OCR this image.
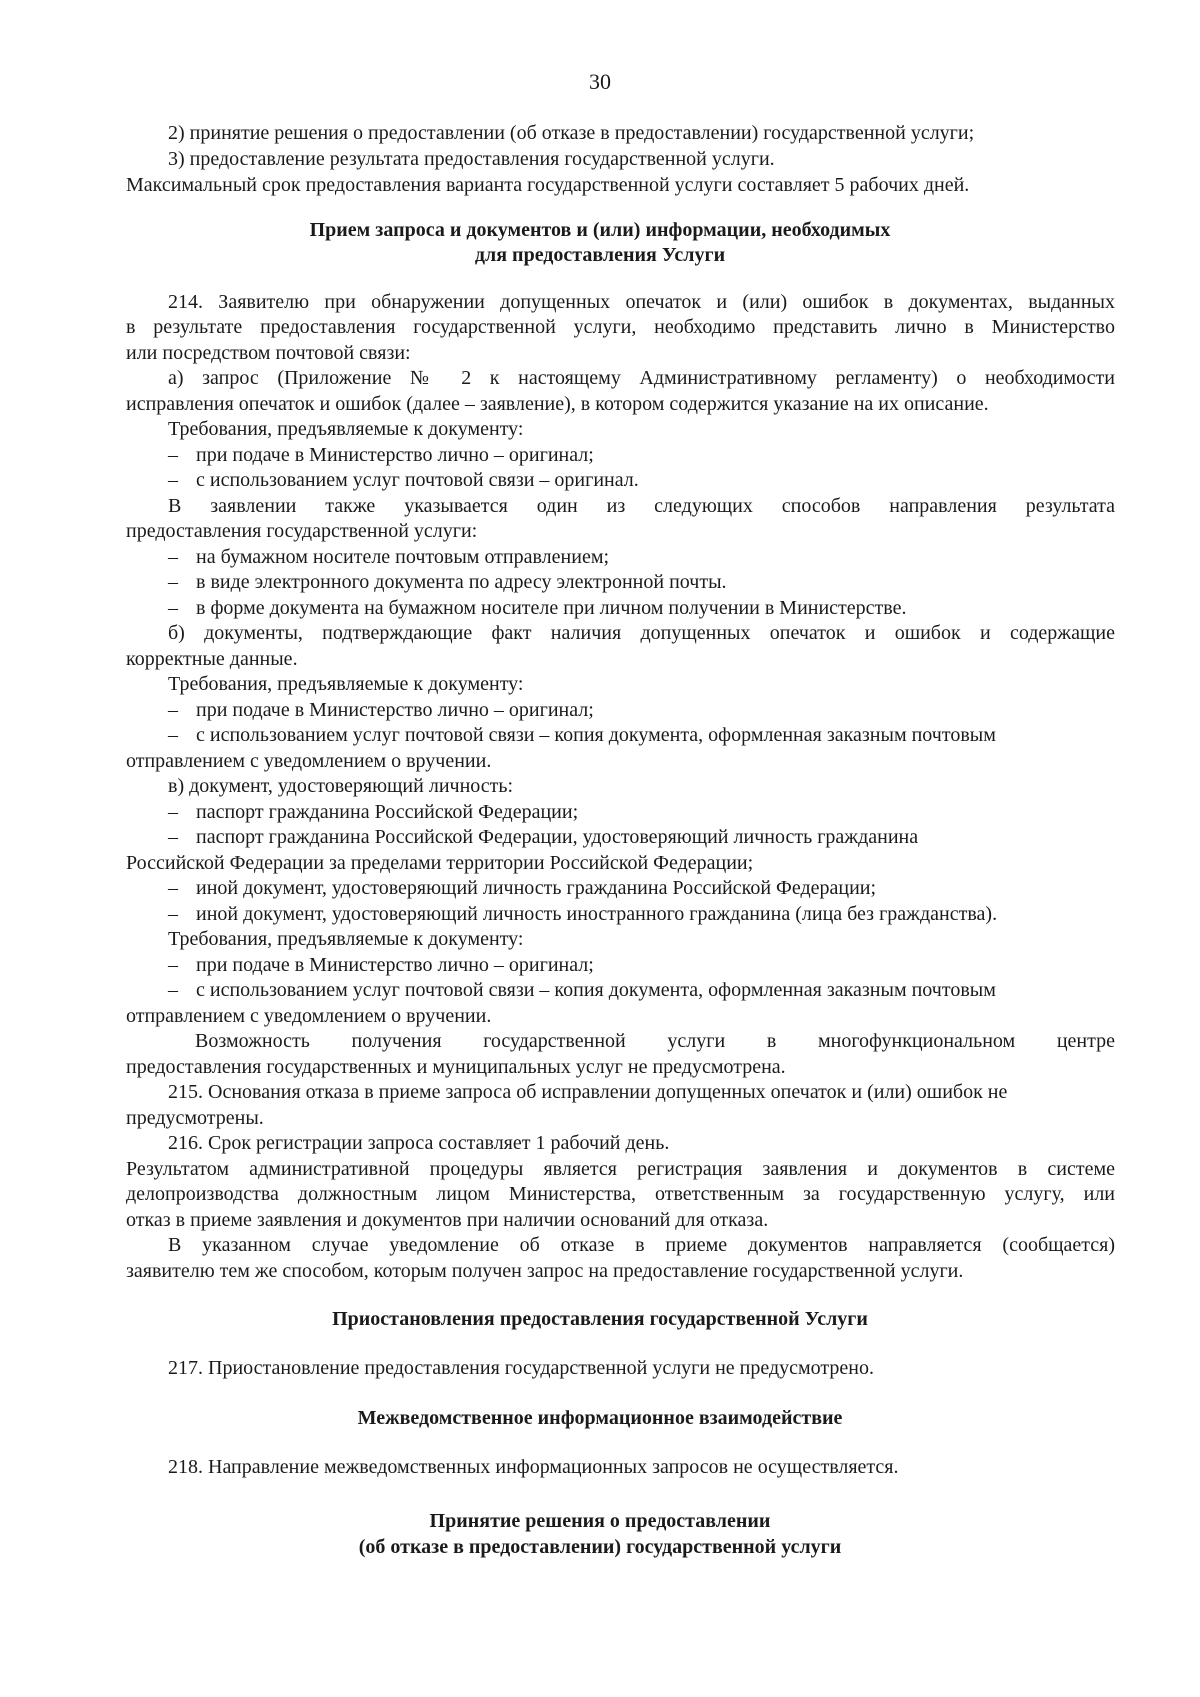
30
2) принятие решения о предоставлении (об отказе в предоставлении) государственной услуги;
3) предоставление результата предоставления государственной услуги.
Максимальный срок предоставления варианта государственной услуги составляет 5 рабочих дней.
Прием запроса и документов и (или) информации, необходимых
для предоставления Услуги
214. Заявителю при обнаружении допущенных опечаток и (или) ошибок в документах, выданных
в результате предоставления государственной услуги, необходимо представить лично в Министерство
или посредством почтовой связи:
а) запрос (Приложение № 2 к настоящему Административному регламенту) о необходимости
исправления опечаток и ошибок (далее – заявление), в котором содержится указание на их описание.
Требования, предъявляемые к документу:
– при подаче в Министерство лично – оригинал;
– с использованием услуг почтовой связи – оригинал.
В заявлении также указывается один из следующих способов направления результата
предоставления государственной услуги:
– на бумажном носителе почтовым отправлением;
– в виде электронного документа по адресу электронной почты.
– в форме документа на бумажном носителе при личном получении в Министерстве.
б) документы, подтверждающие факт наличия допущенных опечаток и ошибок и содержащие
корректные данные.
Требования, предъявляемые к документу:
– при подаче в Министерство лично – оригинал;
– с использованием услуг почтовой связи – копия документа, оформленная заказным почтовым
отправлением с уведомлением о вручении.
в) документ, удостоверяющий личность:
– паспорт гражданина Российской Федерации;
– паспорт гражданина Российской Федерации, удостоверяющий личность гражданина
Российской Федерации за пределами территории Российской Федерации;
– иной документ, удостоверяющий личность гражданина Российской Федерации;
– иной документ, удостоверяющий личность иностранного гражданина (лица без гражданства).
Требования, предъявляемые к документу:
– при подаче в Министерство лично – оригинал;
– с использованием услуг почтовой связи – копия документа, оформленная заказным почтовым
отправлением с уведомлением о вручении.
Возможность получения государственной услуги в многофункциональном центре
предоставления государственных и муниципальных услуг не предусмотрена.
215. Основания отказа в приеме запроса об исправлении допущенных опечаток и (или) ошибок не
предусмотрены.
216. Срок регистрации запроса составляет 1 рабочий день.
Результатом административной процедуры является регистрация заявления и документов в системе
делопроизводства должностным лицом Министерства, ответственным за государственную услугу, или
отказ в приеме заявления и документов при наличии оснований для отказа.
В указанном случае уведомление об отказе в приеме документов направляется (сообщается)
заявителю тем же способом, которым получен запрос на предоставление государственной услуги.
Приостановления предоставления государственной Услуги
217. Приостановление предоставления государственной услуги не предусмотрено.
Межведомственное информационное взаимодействие
218. Направление межведомственных информационных запросов не осуществляется.
Принятие решения о предоставлении
(об отказе в предоставлении) государственной услуги
